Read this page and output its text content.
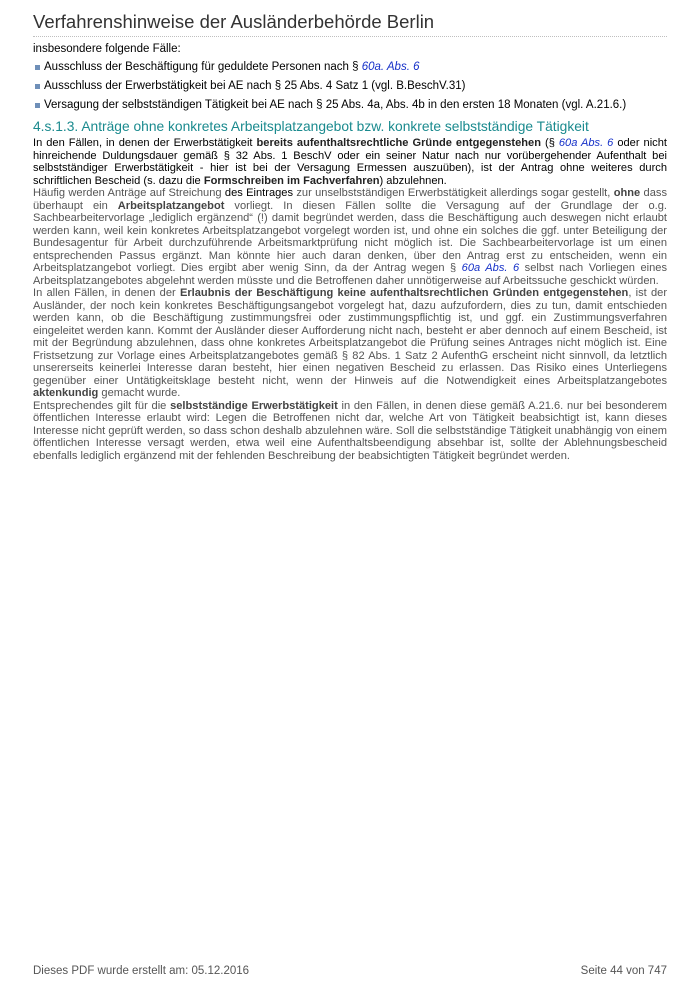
Verfahrenshinweise der Ausländerbehörde Berlin

insbesondere folgende Fälle:

Ausschluss der Beschäftigung für geduldete Personen nach § 60a. Abs. 6
Ausschluss der Erwerbstätigkeit bei AE nach § 25 Abs. 4 Satz 1 (vgl. B.BeschV.31)
Versagung der selbstständigen Tätigkeit bei AE nach § 25 Abs. 4a, Abs. 4b in den ersten 18 Monaten (vgl. A.21.6.)
4.s.1.3. Anträge ohne konkretes Arbeitsplatzangebot bzw. konkrete selbstständige Tätigkeit

In den Fällen, in denen der Erwerbstätigkeit bereits aufenthaltsrechtliche Gründe entgegenstehen (§ 60a Abs. 6 oder nicht hinreichende Duldungsdauer gemäß § 32 Abs. 1 BeschV oder ein seiner Natur nach nur vorübergehender Aufenthalt bei selbstständiger Erwerbstätigkeit - hier ist bei der Versagung Ermessen auszuüben), ist der Antrag ohne weiteres durch schriftlichen Bescheid (s. dazu die Formschreiben im Fachverfahren) abzulehnen.

Häufig werden Anträge auf Streichung des Eintrages zur unselbstständigen Erwerbstätigkeit allerdings sogar gestellt, ohne dass überhaupt ein Arbeitsplatzangebot vorliegt. In diesen Fällen sollte die Versagung auf der Grundlage der o.g. Sachbearbeitervorlage „lediglich ergänzend“ (!) damit begründet werden, dass die Beschäftigung auch deswegen nicht erlaubt werden kann, weil kein konkretes Arbeitsplatzangebot vorgelegt worden ist, und ohne ein solches die ggf. unter Beteiligung der Bundesagentur für Arbeit durchzuführende Arbeitsmarktprüfung nicht möglich ist. Die Sachbearbeitervorlage ist um einen entsprechenden Passus ergänzt. Man könnte hier auch daran denken, über den Antrag erst zu entscheiden, wenn ein Arbeitsplatzangebot vorliegt. Dies ergibt aber wenig Sinn, da der Antrag wegen § 60a Abs. 6 selbst nach Vorliegen eines Arbeitsplatzangebotes abgelehnt werden müsste und die Betroffenen daher unnötigerweise auf Arbeitssuche geschickt würden.

In allen Fällen, in denen der Erlaubnis der Beschäftigung keine aufenthaltsrechtlichen Gründen entgegenstehen, ist der Ausländer, der noch kein konkretes Beschäftigungsangebot vorgelegt hat, dazu aufzufordern, dies zu tun, damit entschieden werden kann, ob die Beschäftigung zustimmungsfrei oder zustimmungspflichtig ist, und ggf. ein Zustimmungsverfahren eingeleitet werden kann. Kommt der Ausländer dieser Aufforderung nicht nach, besteht er aber dennoch auf einem Bescheid, ist mit der Begründung abzulehnen, dass ohne konkretes Arbeitsplatzangebot die Prüfung seines Antrages nicht möglich ist. Eine Fristsetzung zur Vorlage eines Arbeitsplatzangebotes gemäß § 82 Abs. 1 Satz 2 AufenthG erscheint nicht sinnvoll, da letztlich unsererseits keinerlei Interesse daran besteht, hier einen negativen Bescheid zu erlassen. Das Risiko eines Unterliegens gegenüber einer Untätigkeitsklage besteht nicht, wenn der Hinweis auf die Notwendigkeit eines Arbeitsplatzangebotes aktenkundig gemacht wurde.

Entsprechendes gilt für die selbstständige Erwerbstätigkeit in den Fällen, in denen diese gemäß A.21.6. nur bei besonderem öffentlichen Interesse erlaubt wird: Legen die Betroffenen nicht dar, welche Art von Tätigkeit beabsichtigt ist, kann dieses Interesse nicht geprüft werden, so dass schon deshalb abzulehnen wäre. Soll die selbstständige Tätigkeit unabhängig von einem öffentlichen Interesse versagt werden, etwa weil eine Aufenthaltsbeendigung absehbar ist, sollte der Ablehnungsbescheid ebenfalls lediglich ergänzend mit der fehlenden Beschreibung der beabsichtigten Tätigkeit begründet werden.

Dieses PDF wurde erstellt am: 05.12.2016	Seite 44 von 747
